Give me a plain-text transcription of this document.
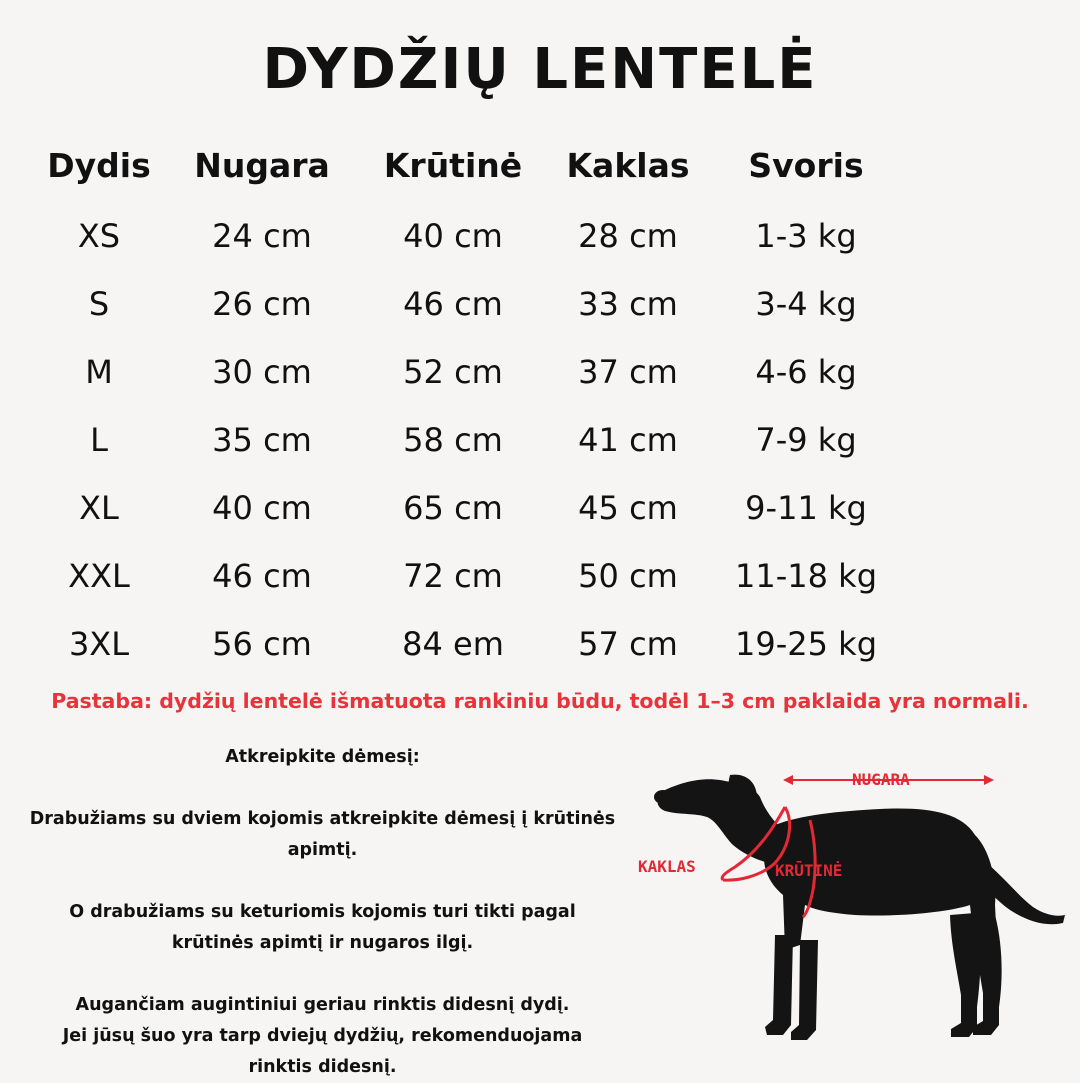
DYDŽIŲ LENTELĖ
Dydis	Nugara	Krūtinė	Kaklas	Svoris
XS	24 cm	40 cm	28 cm	1-3 kg
S	26 cm	46 cm	33 cm	3-4 kg
M	30 cm	52 cm	37 cm	4-6 kg
L	35 cm	58 cm	41 cm	7-9 kg
XL	40 cm	65 cm	45 cm	9-11 kg
XXL	46 cm	72 cm	50 cm	11-18 kg
3XL	56 cm	84 em	57 cm	19-25 kg
Pastaba: dydžių lentelė išmatuota rankiniu būdu, todėl 1–3 cm paklaida yra normali.

Atkreipkite dėmesį:

Drabužiams su dviem kojomis atkreipkite dėmesį į krūtinės

apimtį.

O drabužiams su keturiomis kojomis turi tikti pagal

krūtinės apimtį ir nugaros ilgį.

Augančiam augintiniui geriau rinktis didesnį dydį.

Jei jūsų šuo yra tarp dviejų dydžių, rekomenduojama

rinktis didesnį.

NUGARA
KAKLAS	KRŪTINĖ
